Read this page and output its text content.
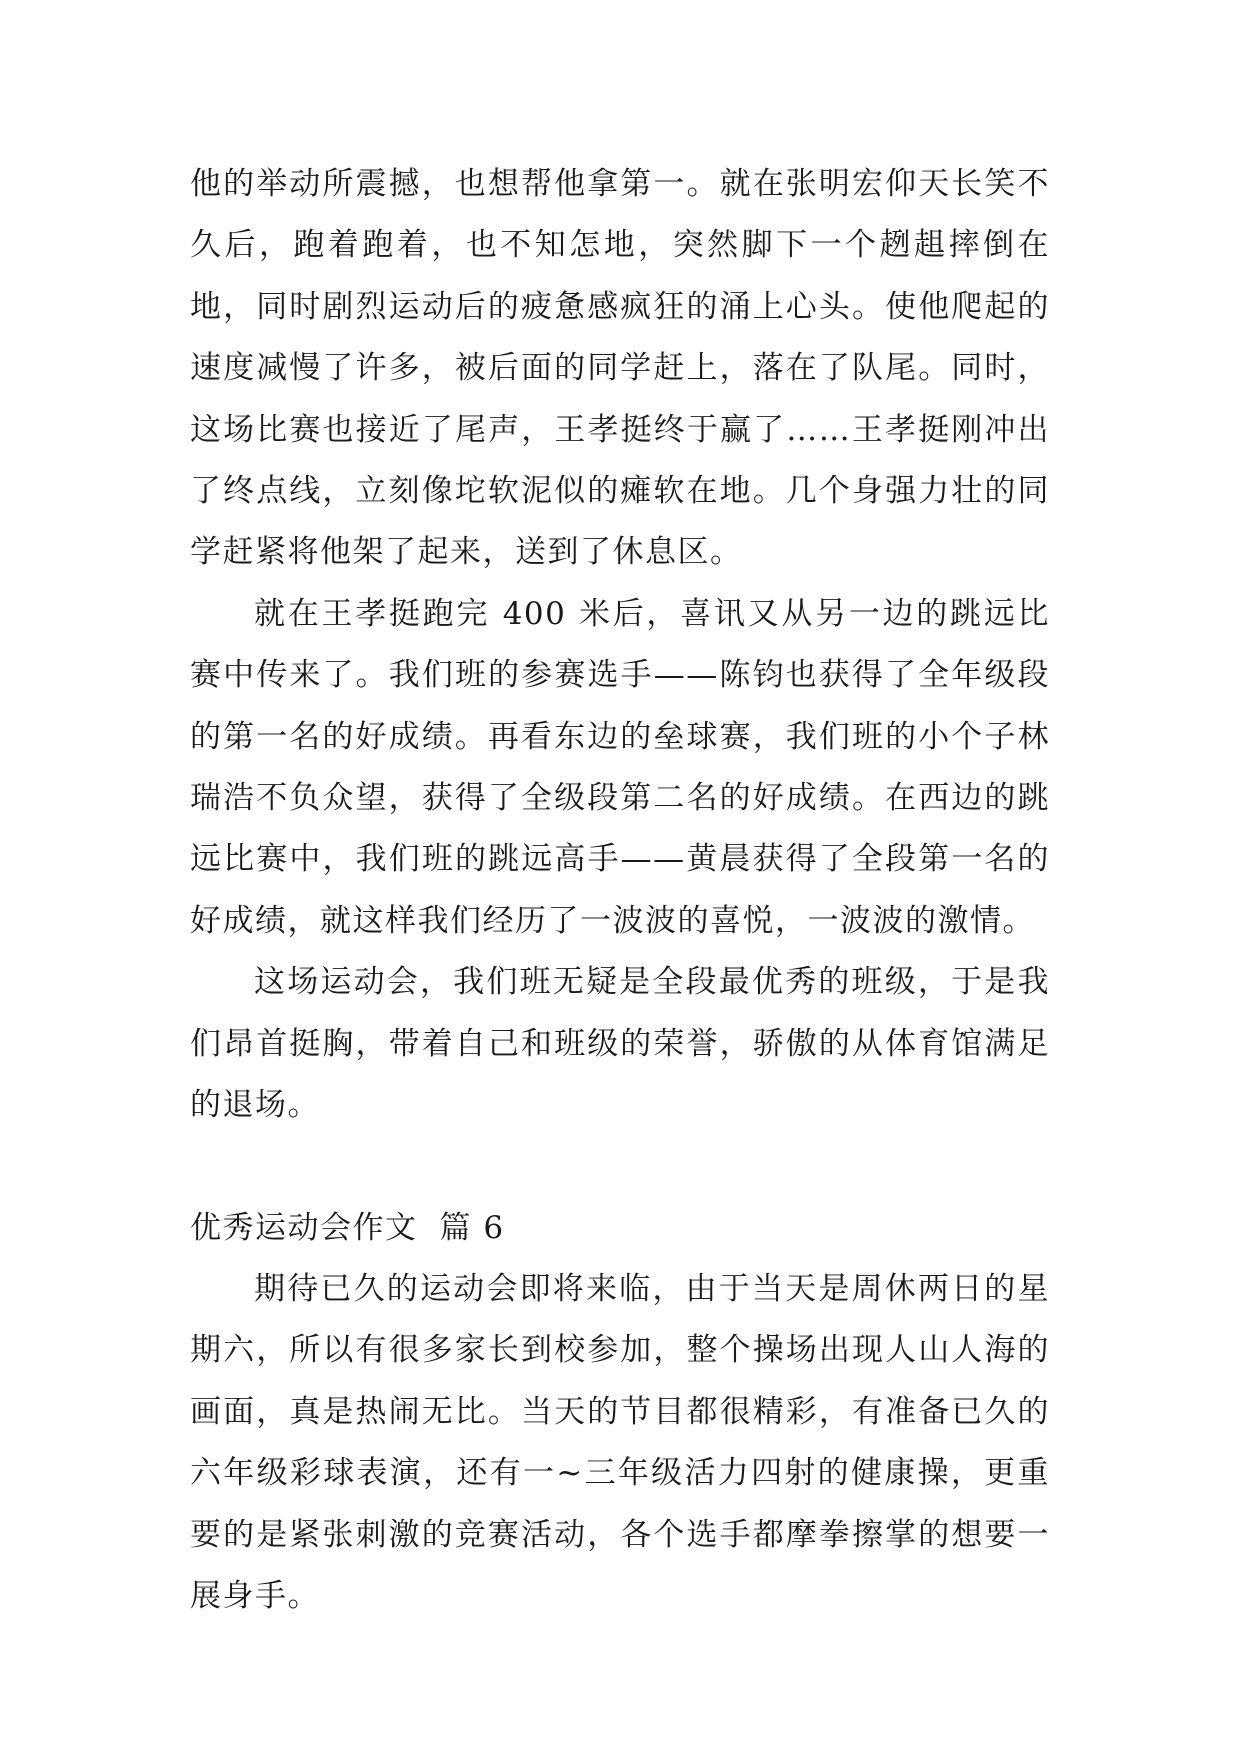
他的举动所震撼，也想帮他拿第一。就在张明宏仰天长笑不久后，跑着跑着，也不知怎地，突然脚下一个趔趄摔倒在地，同时剧烈运动后的疲惫感疯狂的涌上心头。使他爬起的速度减慢了许多，被后面的同学赶上，落在了队尾。同时，这场比赛也接近了尾声，王孝挺终于赢了……王孝挺刚冲出了终点线，立刻像坨软泥似的瘫软在地。几个身强力壮的同学赶紧将他架了起来，送到了休息区。

就在王孝挺跑完 400 米后，喜讯又从另一边的跳远比赛中传来了。我们班的参赛选手——陈钧也获得了全年级段的第一名的好成绩。再看东边的垒球赛，我们班的小个子林瑞浩不负众望，获得了全级段第二名的好成绩。在西边的跳远比赛中，我们班的跳远高手——黄晨获得了全段第一名的好成绩，就这样我们经历了一波波的喜悦，一波波的激情。

这场运动会，我们班无疑是全段最优秀的班级，于是我们昂首挺胸，带着自己和班级的荣誉，骄傲的从体育馆满足的退场。

优秀运动会作文 篇 6

期待已久的运动会即将来临，由于当天是周休两日的星期六，所以有很多家长到校参加，整个操场出现人山人海的画面，真是热闹无比。当天的节目都很精彩，有准备已久的六年级彩球表演，还有一~三年级活力四射的健康操，更重要的是紧张刺激的竞赛活动，各个选手都摩拳擦掌的想要一展身手。
